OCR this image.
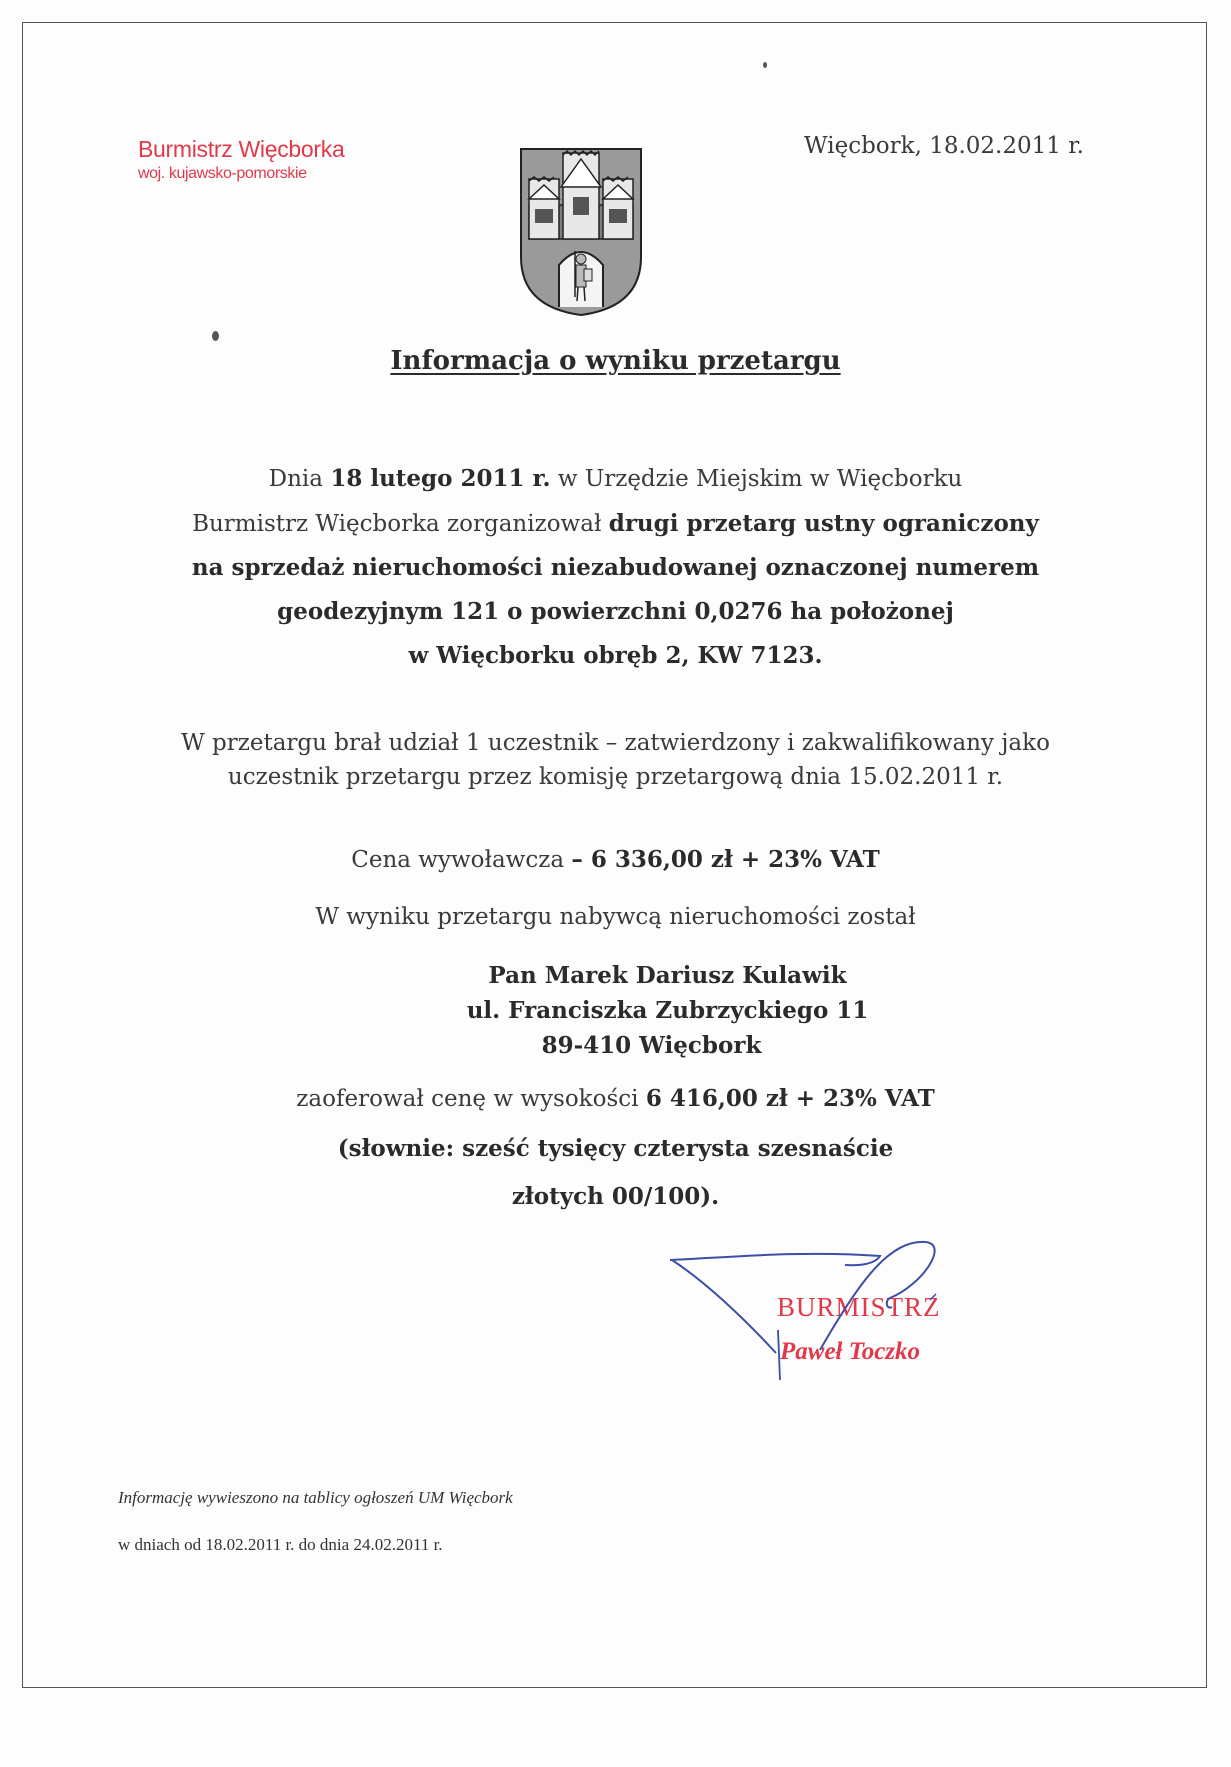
Burmistrz Więcborka
woj. kujawsko-pomorskie
Więcbork, 18.02.2011 r.
Informacja o wyniku przetargu
Dnia 18 lutego 2011 r. w Urzędzie Miejskim w Więcborku
Burmistrz Więcborka zorganizował drugi przetarg ustny ograniczony
na sprzedaż nieruchomości niezabudowanej oznaczonej numerem
geodezyjnym 121 o powierzchni 0,0276 ha położonej
w Więcborku obręb 2, KW 7123.
W przetargu brał udział 1 uczestnik – zatwierdzony i zakwalifikowany jako
uczestnik przetargu przez komisję przetargową dnia 15.02.2011 r.
Cena wywoławcza – 6 336,00 zł + 23% VAT
W wyniku przetargu nabywcą nieruchomości został
Pan Marek Dariusz Kulawik
ul. Franciszka Zubrzyckiego 11
89-410 Więcbork
zaoferował cenę w wysokości 6 416,00 zł + 23% VAT
(słownie: sześć tysięcy czterysta szesnaście
złotych 00/100).
BURMISTRZ
Paweł Toczko
Informację wywieszono na tablicy ogłoszeń UM Więcbork
w dniach od 18.02.2011 r. do dnia 24.02.2011 r.
